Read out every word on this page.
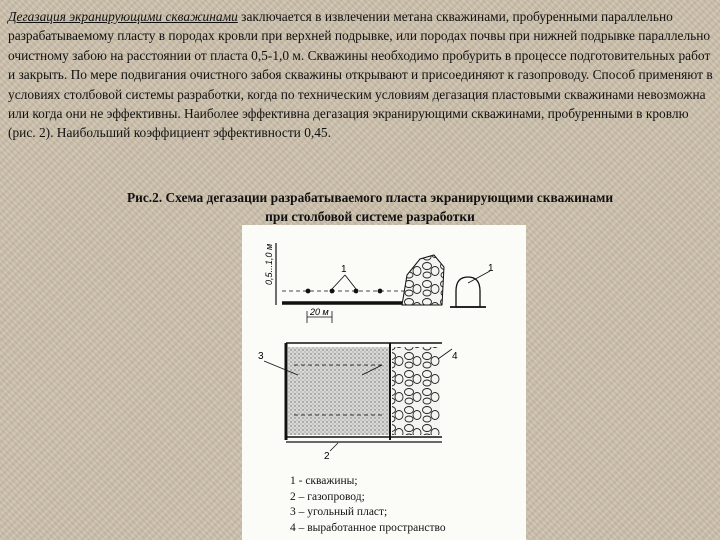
Дегазация экранирующими скважинами заключается в извлечении метана скважинами, пробуренными параллельно разрабатываемому пласту в породах кровли при верхней подрывке, или породах почвы при нижней подрывке параллельно очистному забою на расстоянии от пласта 0,5-1,0 м. Скважины необходимо пробурить в процессе подготовительных работ и закрыть. По мере подвигания очистного забоя скважины открывают и присоединяют к газопроводу. Способ применяют в условиях столбовой системы разработки, когда по техническим условиям дегазация пластовыми скважинами невозможна или когда они не эффективны. Наиболее эффективна дегазация экранирующими скважинами, пробуренными в кровлю (рис. 2). Наибольший коэффициент эффективности 0,45.

Рис.2. Схема дегазации разрабатываемого пласта экранирующими скважинами
при столбовой системе разработки
0,5...1,0 м	1
20 м
1
3	4
2
1 - скважины;
2 – газопровод;
3 – угольный пласт;
4 – выработанное пространство
